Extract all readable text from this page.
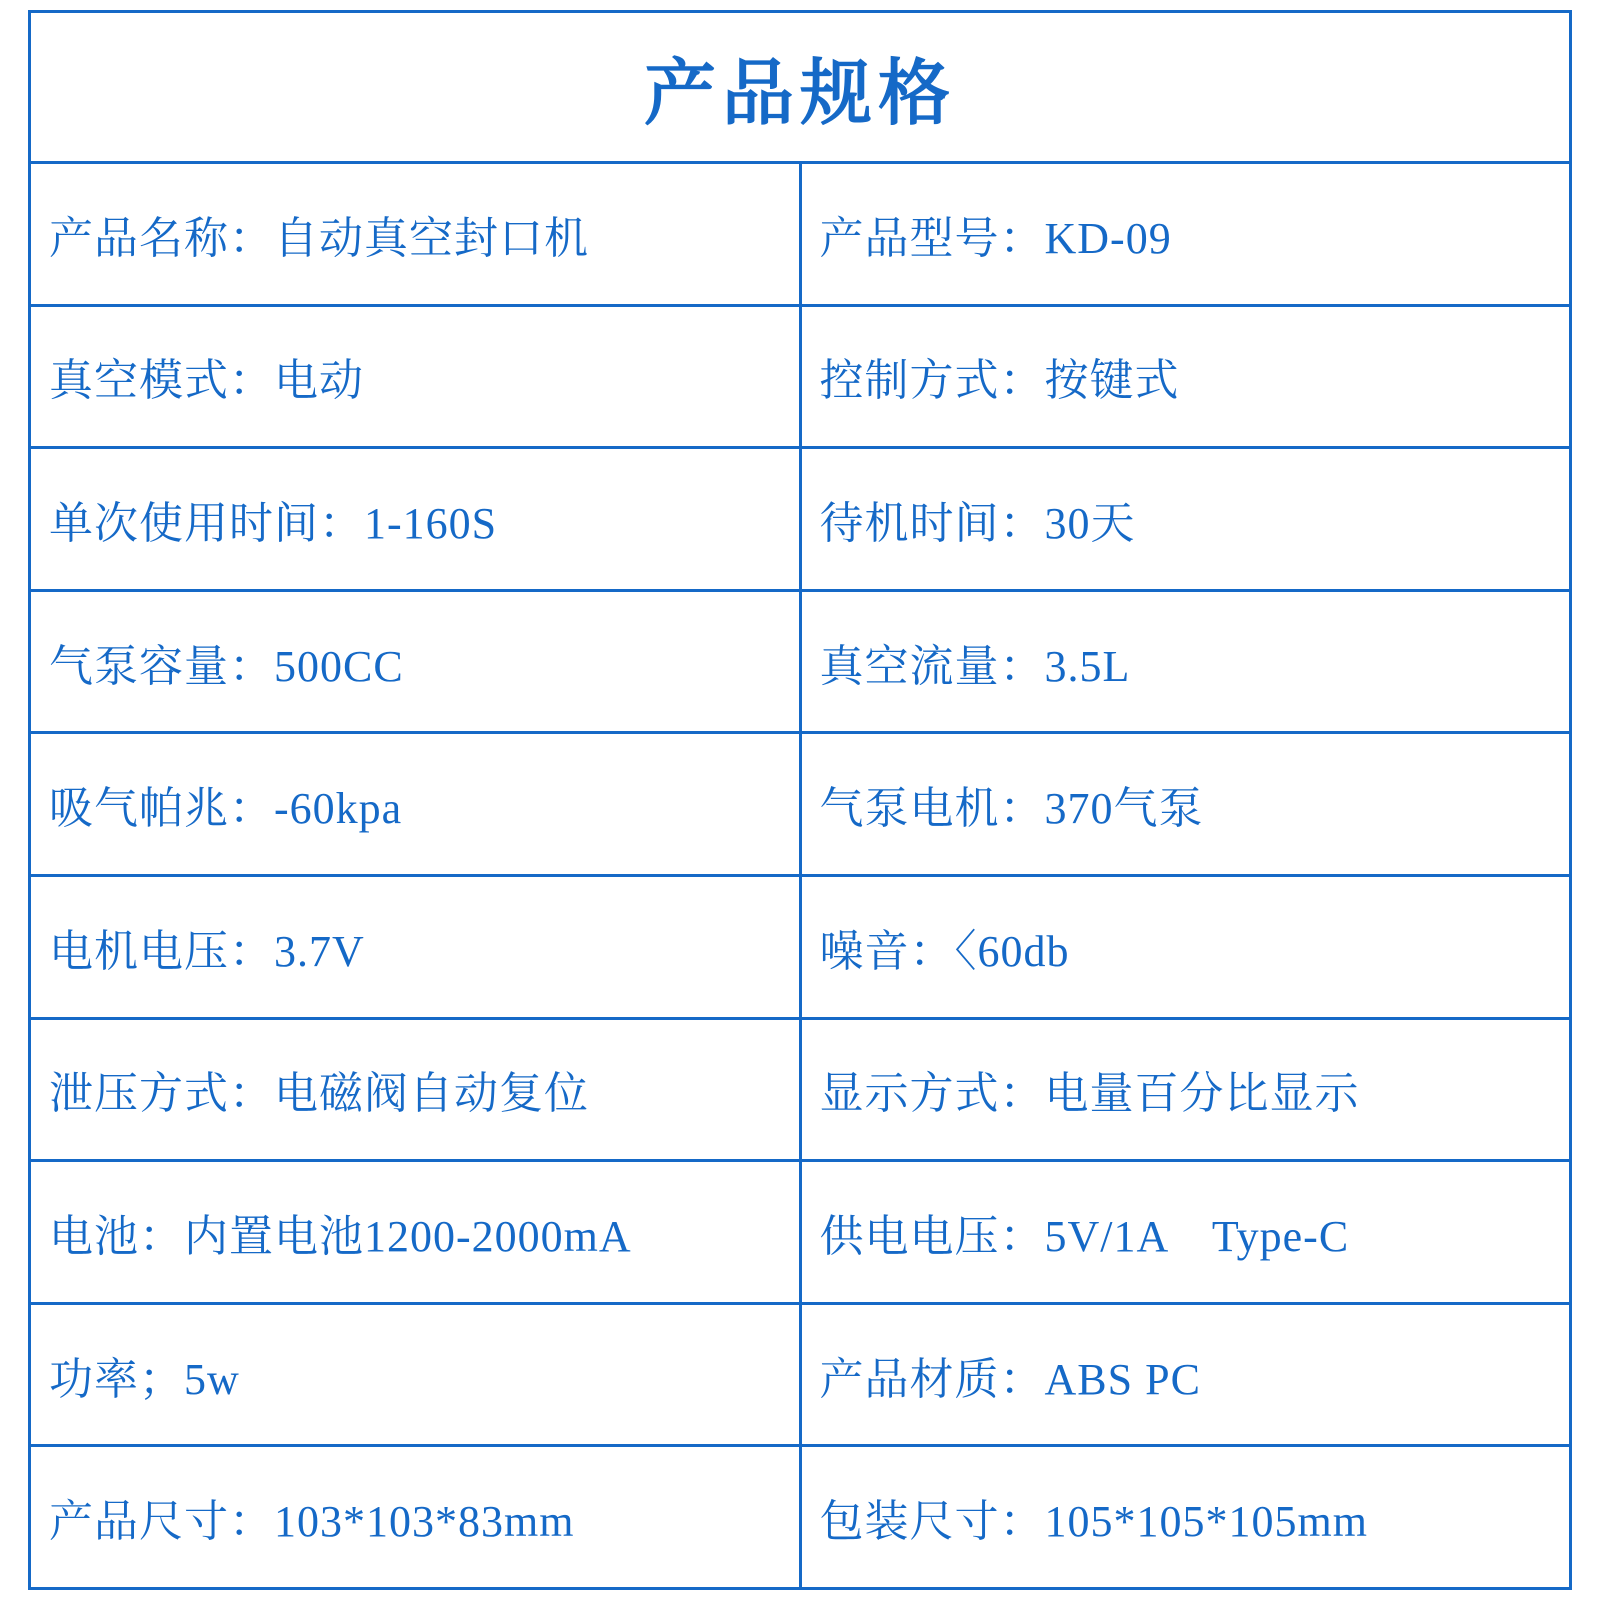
产品规格	
产品名称：自动真空封口机	产品型号：KD-09
真空模式：电动	控制方式：按键式
单次使用时间：1-160S	待机时间：30天
气泵容量：500CC	真空流量：3.5L
吸气帕兆：-60kpa	气泵电机：370气泵
电机电压：3.7V	噪音：〈60db
泄压方式：电磁阀自动复位	显示方式：电量百分比显示
电池：内置电池1200-2000mA	供电电压：5V/1A　Type-C
功率；5w	产品材质：ABS PC
产品尺寸：103*103*83mm	包装尺寸：105*105*105mm
